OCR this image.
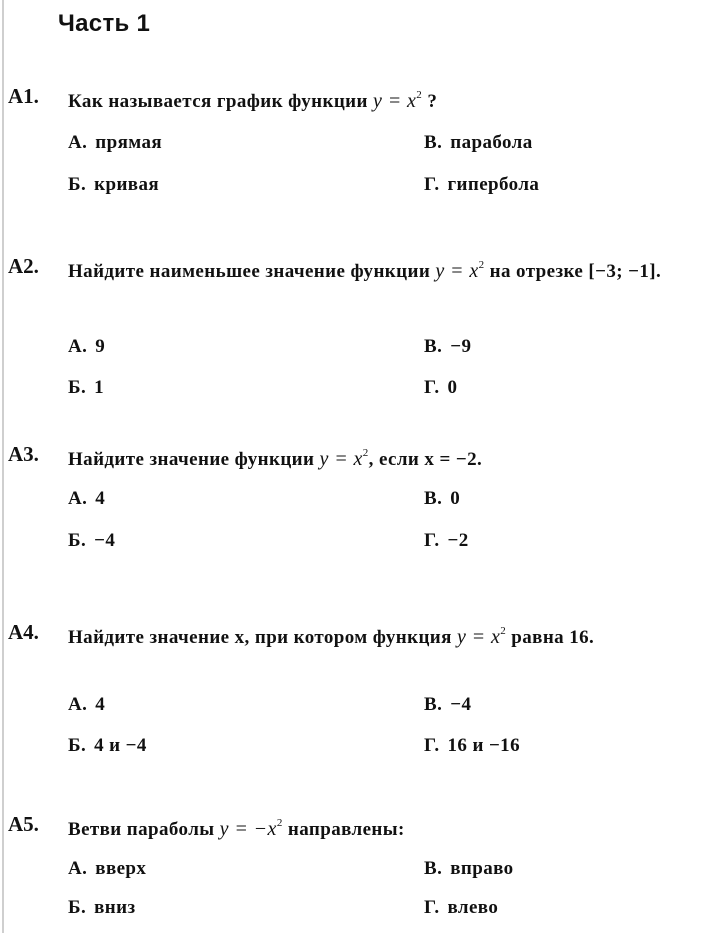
Часть 1
А1. Как называется график функции $y = x^2$ ?
А. прямая	В. парабола
Б. кривая	Г. гипербола
А2. Найдите наименьшее значение функции $y = x^2$ на отрезке [−3; −1].
А. 9	В. −9
Б. 1	Г. 0
А3. Найдите значение функции $y = x^2$, если x = −2.
А. 4	В. 0
Б. −4	Г. −2
А4. Найдите значение x, при котором функция $y = x^2$ равна 16.
А. 4	В. −4
Б. 4 и −4	Г. 16 и −16
А5. Ветви параболы $y = -x^2$ направлены:
А. вверх	В. вправо
Б. вниз	Г. влево
